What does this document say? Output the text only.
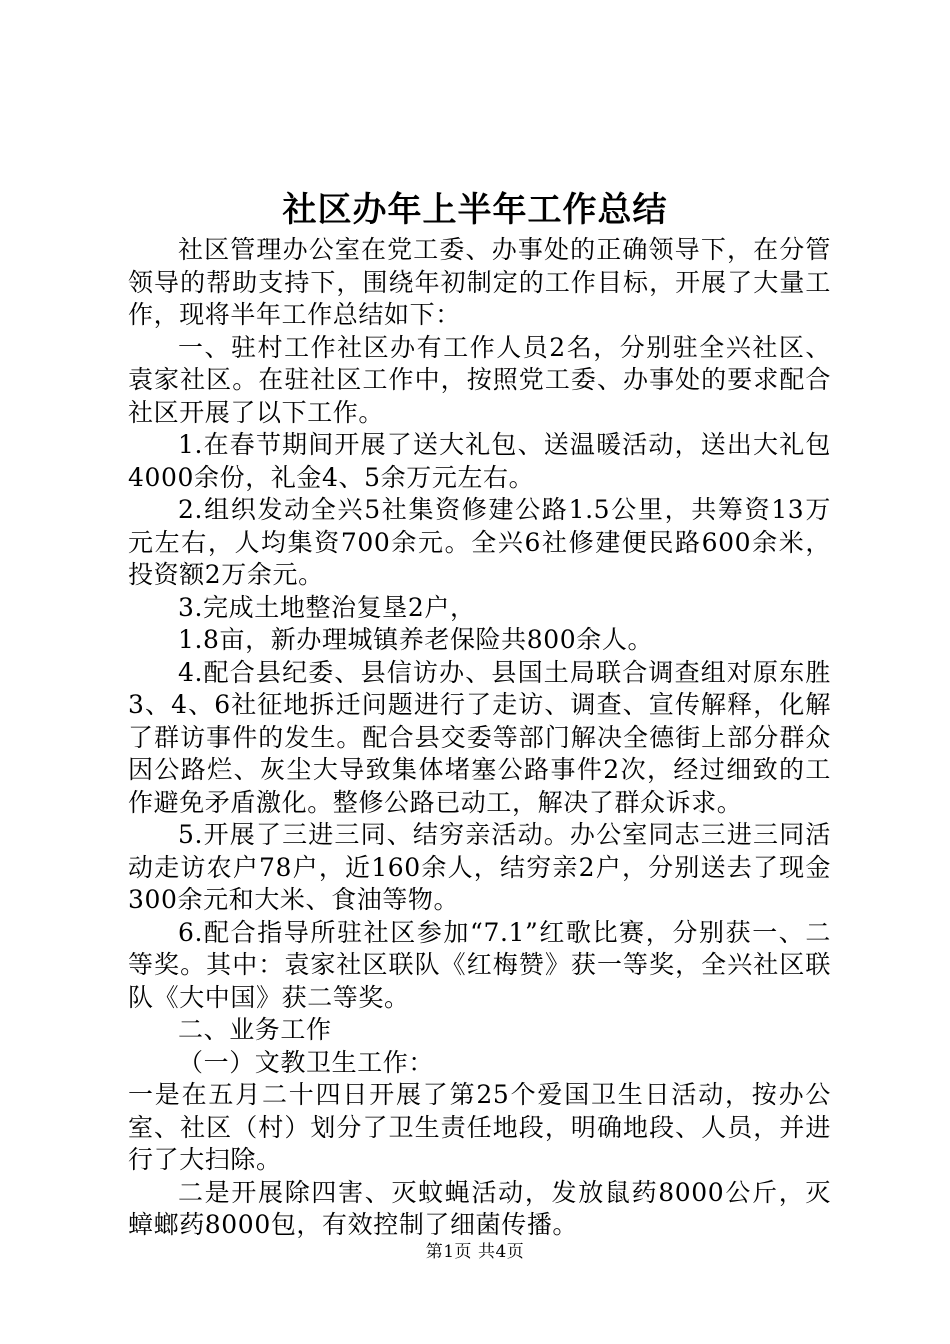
社区办年上半年工作总结

社区管理办公室在党工委、办事处的正确领导下，在分管领导的帮助支持下，围绕年初制定的工作目标，开展了大量工作，现将半年工作总结如下：

一、驻村工作社区办有工作人员2名，分别驻全兴社区、袁家社区。在驻社区工作中，按照党工委、办事处的要求配合社区开展了以下工作。

1.在春节期间开展了送大礼包、送温暖活动，送出大礼包4000余份，礼金4、5余万元左右。

2.组织发动全兴5社集资修建公路1.5公里，共筹资13万元左右，人均集资700余元。全兴6社修建便民路600余米，投资额2万余元。

3.完成土地整治复垦2户，

1.8亩，新办理城镇养老保险共800余人。

4.配合县纪委、县信访办、县国土局联合调查组对原东胜3、4、6社征地拆迁问题进行了走访、调查、宣传解释，化解了群访事件的发生。配合县交委等部门解决全德街上部分群众因公路烂、灰尘大导致集体堵塞公路事件2次，经过细致的工作避免矛盾激化。整修公路已动工，解决了群众诉求。

5.开展了三进三同、结穷亲活动。办公室同志三进三同活动走访农户78户，近160余人，结穷亲2户，分别送去了现金300余元和大米、食油等物。

6.配合指导所驻社区参加“7.1”红歌比赛，分别获一、二等奖。其中：袁家社区联队《红梅赞》获一等奖，全兴社区联队《大中国》获二等奖。

二、业务工作

（一）文教卫生工作：

一是在五月二十四日开展了第25个爱国卫生日活动，按办公室、社区（村）划分了卫生责任地段，明确地段、人员，并进行了大扫除。

二是开展除四害、灭蚊蝇活动，发放鼠药8000公斤，灭蟑螂药8000包，有效控制了细菌传播。

第1页 共4页
